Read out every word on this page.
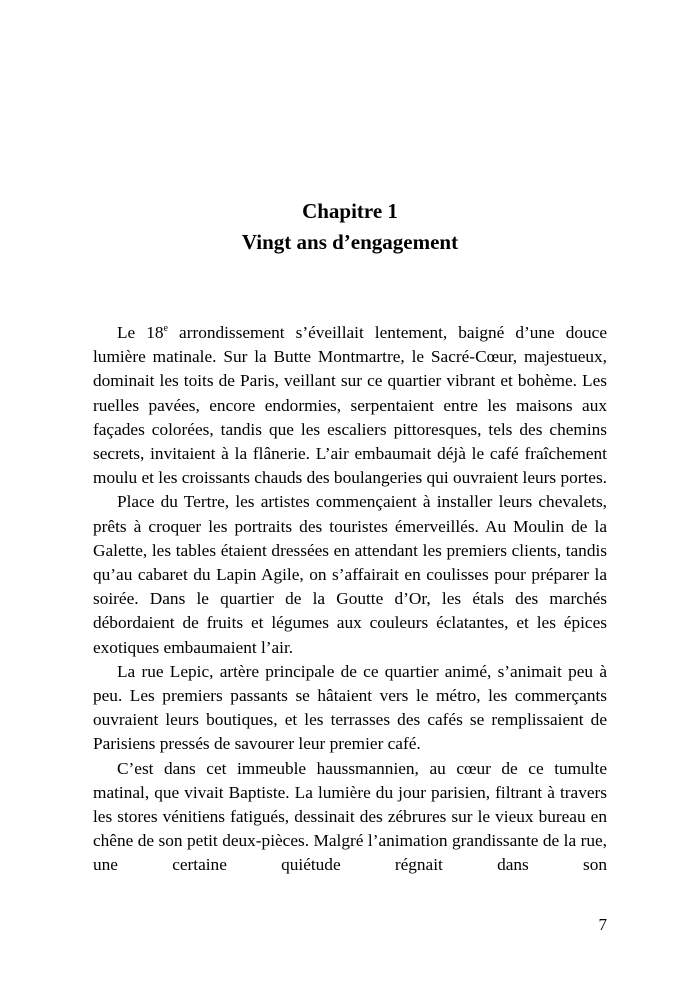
Chapitre 1
Vingt ans d’engagement

Le 18e arrondissement s’éveillait lentement, baigné d’une douce lumière matinale. Sur la Butte Montmartre, le Sacré-Cœur, majestueux, dominait les toits de Paris, veillant sur ce quartier vibrant et bohème. Les ruelles pavées, encore endormies, serpentaient entre les maisons aux façades colorées, tandis que les escaliers pittoresques, tels des chemins secrets, invitaient à la flânerie. L’air embaumait déjà le café fraîchement moulu et les croissants chauds des boulangeries qui ouvraient leurs portes.

Place du Tertre, les artistes commençaient à installer leurs chevalets, prêts à croquer les portraits des touristes émerveillés. Au Moulin de la Galette, les tables étaient dressées en attendant les premiers clients, tandis qu’au cabaret du Lapin Agile, on s’affairait en coulisses pour préparer la soirée. Dans le quartier de la Goutte d’Or, les étals des marchés débordaient de fruits et légumes aux couleurs éclatantes, et les épices exotiques embaumaient l’air.

La rue Lepic, artère principale de ce quartier animé, s’animait peu à peu. Les premiers passants se hâtaient vers le métro, les commerçants ouvraient leurs boutiques, et les terrasses des cafés se remplissaient de Parisiens pressés de savourer leur premier café.

C’est dans cet immeuble haussmannien, au cœur de ce tumulte matinal, que vivait Baptiste. La lumière du jour parisien, filtrant à travers les stores vénitiens fatigués, dessinait des zébrures sur le vieux bureau en chêne de son petit deux-pièces. Malgré l’animation grandissante de la rue, une certaine quiétude régnait dans son

7
